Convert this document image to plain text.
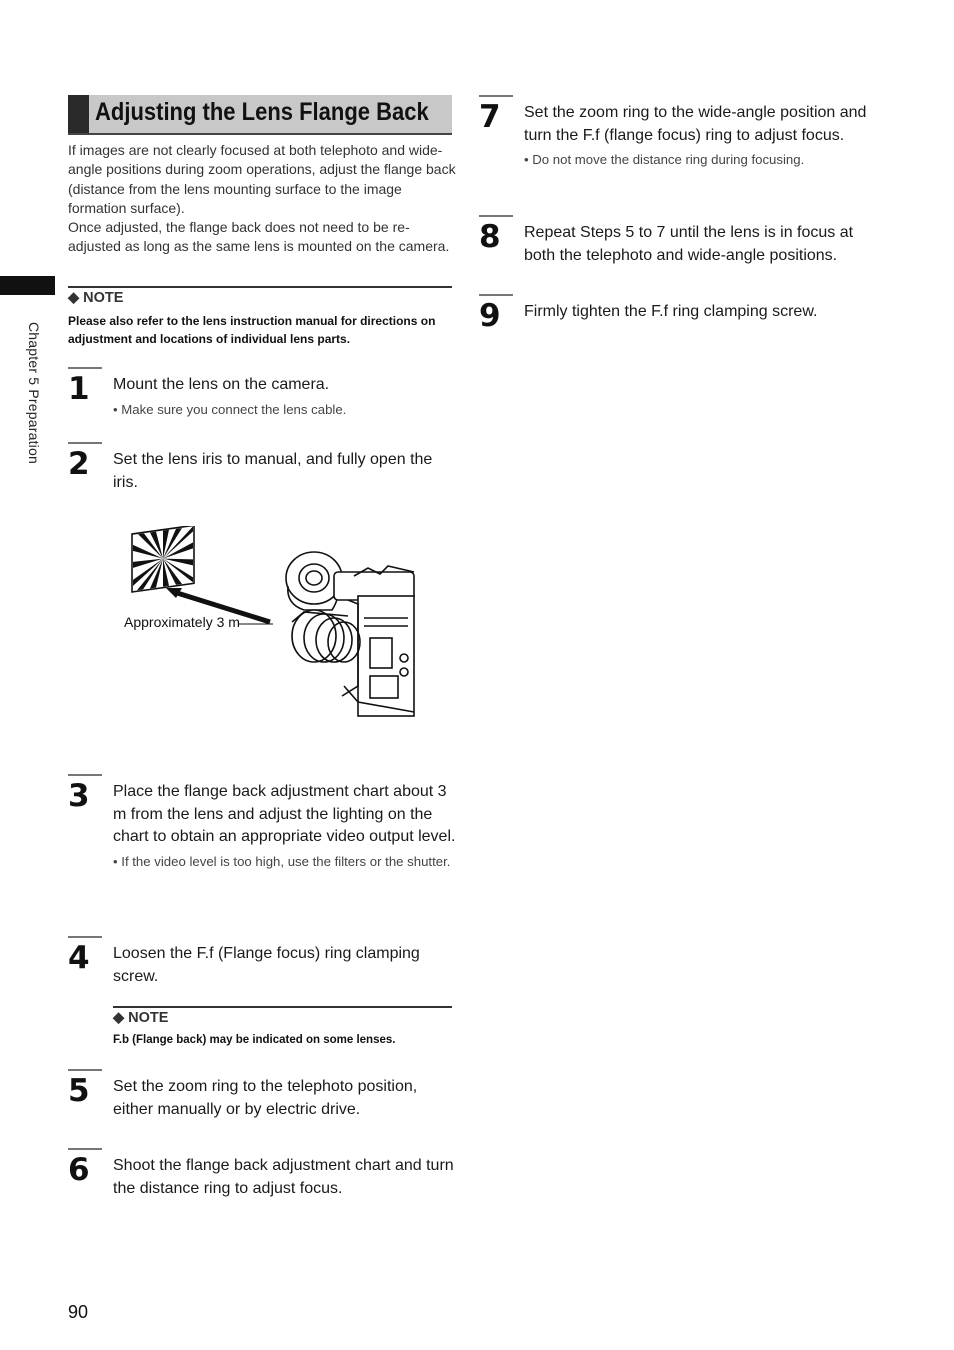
Chapter 5 Preparation
Adjusting the Lens Flange Back

If images are not clearly focused at both telephoto and wide-angle positions during zoom operations, adjust the flange back (distance from the lens mounting surface to the image formation surface).

Once adjusted, the flange back does not need to be re-adjusted as long as the same lens is mounted on the camera.

◆ NOTE
Please also refer to the lens instruction manual for directions on adjustment and locations of individual lens parts.
1 Mount the lens on the camera.

• Make sure you connect the lens cable.

2 Set the lens iris to manual, and fully open the iris.

Approximately 3 m
3 Place the flange back adjustment chart about 3 m from the lens and adjust the lighting on the chart to obtain an appropriate video output level.

• If the video level is too high, use the filters or the shutter.

4 Loosen the F.f (Flange focus) ring clamping screw.

◆ NOTE
F.b (Flange back) may be indicated on some lenses.
5 Set the zoom ring to the telephoto position, either manually or by electric drive.

6 Shoot the flange back adjustment chart and turn the distance ring to adjust focus.

7 Set the zoom ring to the wide-angle position and turn the F.f (flange focus) ring to adjust focus.

• Do not move the distance ring during focusing.

8 Repeat Steps 5 to 7 until the lens is in focus at both the telephoto and wide-angle positions.

9 Firmly tighten the F.f ring clamping screw.

90
